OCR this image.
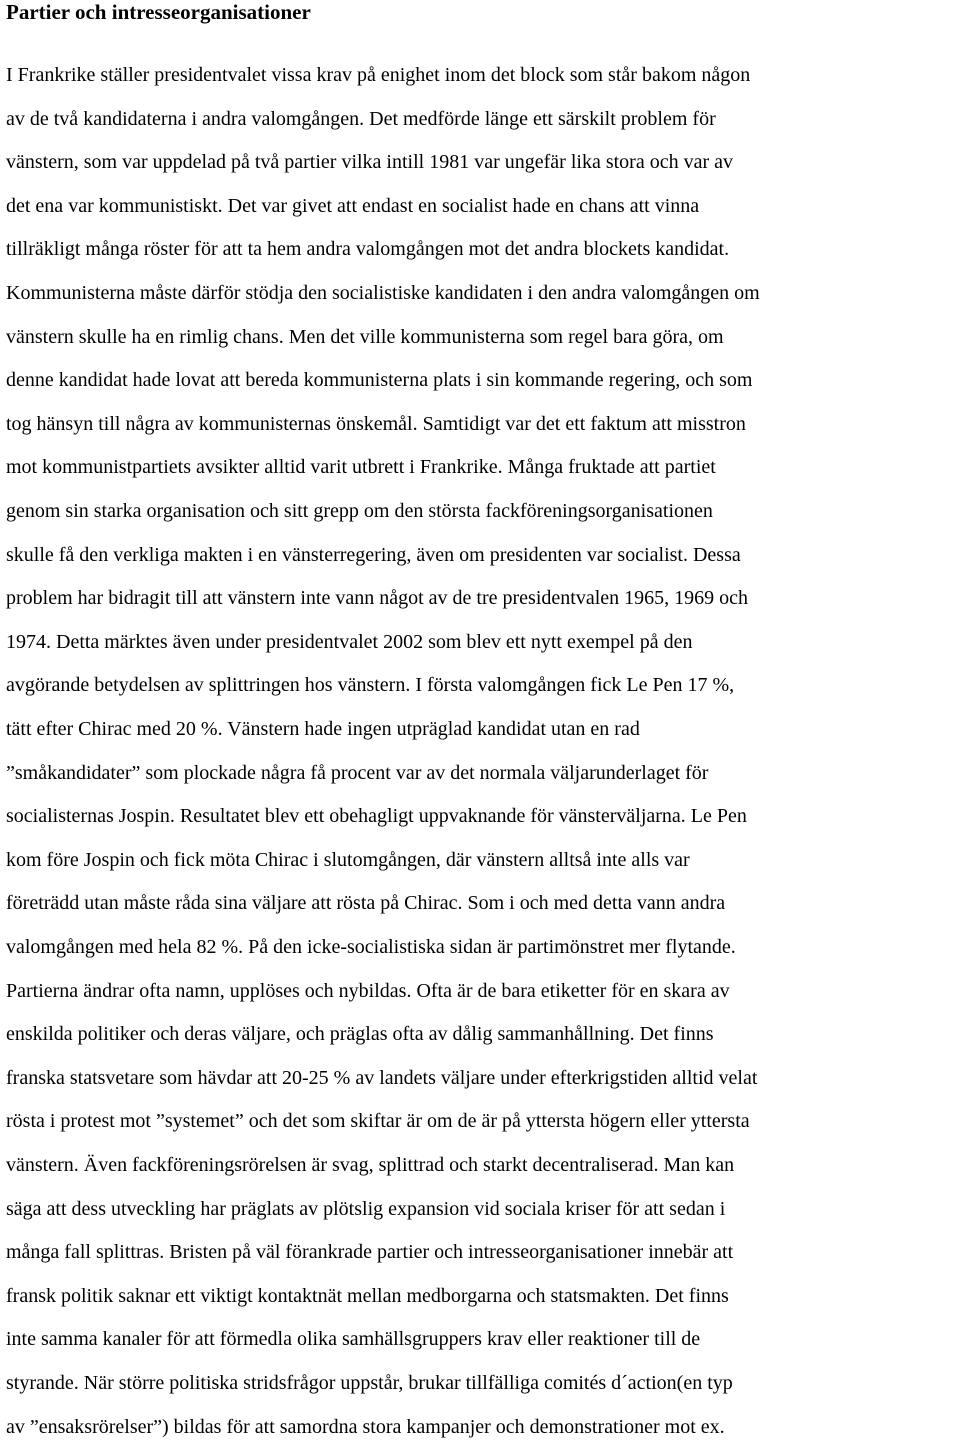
Partier och intresseorganisationer

I Frankrike ställer presidentvalet vissa krav på enighet inom det block som står bakom någon

av de två kandidaterna i andra valomgången. Det medförde länge ett särskilt problem för

vänstern, som var uppdelad på två partier vilka intill 1981 var ungefär lika stora och var av

det ena var kommunistiskt. Det var givet att endast en socialist hade en chans att vinna

tillräkligt många röster för att ta hem andra valomgången mot det andra blockets kandidat.

Kommunisterna måste därför stödja den socialistiske kandidaten i den andra valomgången om

vänstern skulle ha en rimlig chans. Men det ville kommunisterna som regel bara göra, om

denne kandidat hade lovat att bereda kommunisterna plats i sin kommande regering, och som

tog hänsyn till några av kommunisternas önskemål. Samtidigt var det ett faktum att misstron

mot kommunistpartiets avsikter alltid varit utbrett i Frankrike. Många fruktade att partiet

genom sin starka organisation och sitt grepp om den största fackföreningsorganisationen

skulle få den verkliga makten i en vänsterregering, även om presidenten var socialist. Dessa

problem har bidragit till att vänstern inte vann något av de tre presidentvalen 1965, 1969 och

1974. Detta märktes även under presidentvalet 2002 som blev ett nytt exempel på den

avgörande betydelsen av splittringen hos vänstern. I första valomgången fick Le Pen 17 %,

tätt efter Chirac med 20 %. Vänstern hade ingen utpräglad kandidat utan en rad

”småkandidater” som plockade några få procent var av det normala väljarunderlaget för

socialisternas Jospin. Resultatet blev ett obehagligt uppvaknande för vänsterväljarna. Le Pen

kom före Jospin och fick möta Chirac i slutomgången, där vänstern alltså inte alls var

företrädd utan måste råda sina väljare att rösta på Chirac. Som i och med detta vann andra

valomgången med hela 82 %. På den icke-socialistiska sidan är partimönstret mer flytande.

Partierna ändrar ofta namn, upplöses och nybildas. Ofta är de bara etiketter för en skara av

enskilda politiker och deras väljare, och präglas ofta av dålig sammanhållning. Det finns

franska statsvetare som hävdar att 20-25 % av landets väljare under efterkrigstiden alltid velat

rösta i protest mot ”systemet” och det som skiftar är om de är på yttersta högern eller yttersta

vänstern. Även fackföreningsrörelsen är svag, splittrad och starkt decentraliserad. Man kan

säga att dess utveckling har präglats av plötslig expansion vid sociala kriser för att sedan i

många fall splittras. Bristen på väl förankrade partier och intresseorganisationer innebär att

fransk politik saknar ett viktigt kontaktnät mellan medborgarna och statsmakten. Det finns

inte samma kanaler för att förmedla olika samhällsgruppers krav eller reaktioner till de

styrande. När större politiska stridsfrågor uppstår, brukar tillfälliga comités d´action(en typ

av ”ensaksrörelser”) bildas för att samordna stora kampanjer och demonstrationer mot ex.
